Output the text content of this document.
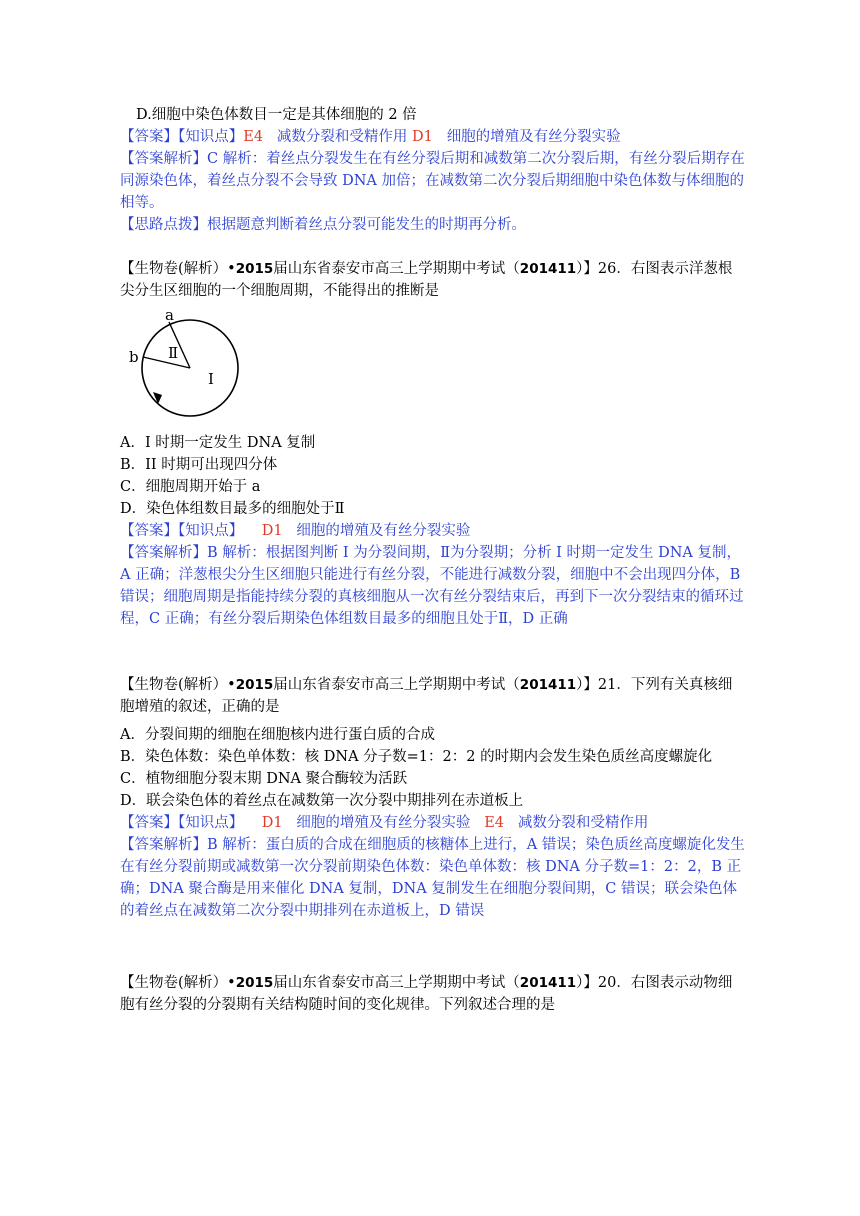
D.细胞中染色体数目一定是其体细胞的 2 倍
【答案】【知识点】E4 减数分裂和受精作用 D1 细胞的增殖及有丝分裂实验
【答案解析】C 解析：着丝点分裂发生在有丝分裂后期和减数第二次分裂后期，有丝分裂后期存在同源染色体，着丝点分裂不会导致 DNA 加倍；在减数第二次分裂后期细胞中染色体数与体细胞的相等。
【思路点拨】根据题意判断着丝点分裂可能发生的时期再分析。
【生物卷(解析）•2015届山东省泰安市高三上学期期中考试（201411）】26．右图表示洋葱根尖分生区细胞的一个细胞周期，不能得出的推断是
a
b Ⅱ
I
A．I 时期一定发生 DNA 复制
B．II 时期可出现四分体
C．细胞周期开始于 a
D．染色体组数目最多的细胞处于Ⅱ
【答案】【知识点】 D1 细胞的增殖及有丝分裂实验
【答案解析】B 解析：根据图判断 I 为分裂间期，Ⅱ为分裂期；分析 I 时期一定发生 DNA 复制，A 正确；洋葱根尖分生区细胞只能进行有丝分裂，不能进行减数分裂，细胞中不会出现四分体，B 错误；细胞周期是指能持续分裂的真核细胞从一次有丝分裂结束后，再到下一次分裂结束的循环过程，C 正确；有丝分裂后期染色体组数目最多的细胞且处于Ⅱ，D 正确
【生物卷(解析）•2015届山东省泰安市高三上学期期中考试（201411）】21．下列有关真核细胞增殖的叙述，正确的是
A．分裂间期的细胞在细胞核内进行蛋白质的合成
B．染色体数：染色单体数：核 DNA 分子数=1：2：2 的时期内会发生染色质丝高度螺旋化
C．植物细胞分裂末期 DNA 聚合酶较为活跃
D．联会染色体的着丝点在减数第一次分裂中期排列在赤道板上
【答案】【知识点】 D1 细胞的增殖及有丝分裂实验 E4 减数分裂和受精作用
【答案解析】B 解析：蛋白质的合成在细胞质的核糖体上进行，A 错误；染色质丝高度螺旋化发生在有丝分裂前期或减数第一次分裂前期染色体数：染色单体数：核 DNA 分子数=1：2：2，B 正确；DNA 聚合酶是用来催化 DNA 复制，DNA 复制发生在细胞分裂间期，C 错误；联会染色体的着丝点在减数第二次分裂中期排列在赤道板上，D 错误
【生物卷(解析）•2015届山东省泰安市高三上学期期中考试（201411）】20．右图表示动物细胞有丝分裂的分裂期有关结构随时间的变化规律。下列叙述合理的是
